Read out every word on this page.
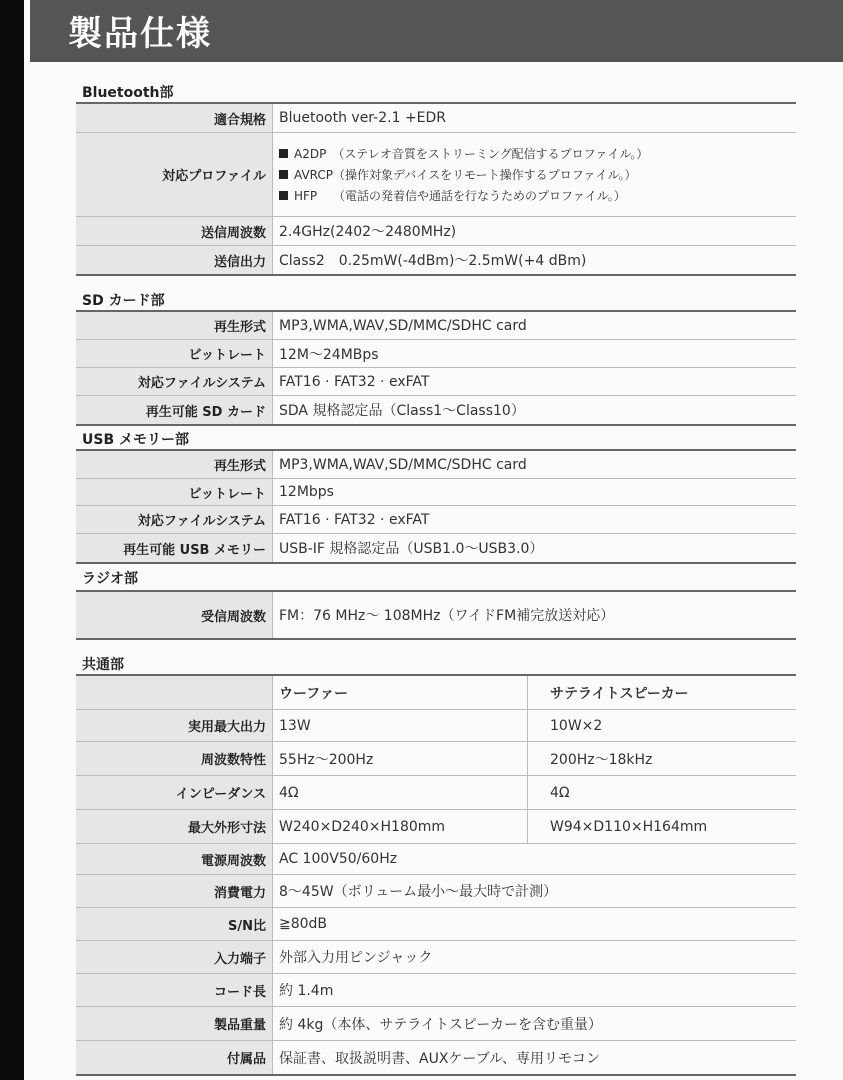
製品仕様
Bluetooth部
適合規格 Bluetooth ver-2.1 +EDR
対応プロファイル
A2DP　（ステレオ音質をストリーミング配信するプロファイル。）
AVRCP（操作対象デバイスをリモート操作するプロファイル。）
HFP　 （電話の発着信や通話を行なうためのプロファイル。）
送信周波数 2.4GHz(2402〜2480MHz)
送信出力 Class2　0.25mW(-4dBm)〜2.5mW(+4 dBm)
SD カード部
再生形式 MP3,WMA,WAV,SD/MMC/SDHC card
ビットレート 12M〜24MBps
対応ファイルシステム FAT16 · FAT32 · exFAT
再生可能 SD カード SDA 規格認定品（Class1〜Class10）
USB メモリー部
再生形式 MP3,WMA,WAV,SD/MMC/SDHC card
ビットレート 12Mbps
対応ファイルシステム FAT16 · FAT32 · exFAT
再生可能 USB メモリー USB-IF 規格認定品（USB1.0〜USB3.0）
ラジオ部
受信周波数 FM：76 MHz〜 108MHz（ワイドFM補完放送対応）
共通部
ウーファー	サテライトスピーカー
実用最大出力 13W	10W×2
周波数特性 55Hz〜200Hz	200Hz〜18kHz
インピーダンス 4Ω	4Ω
最大外形寸法 W240×D240×H180mm	W94×D110×H164mm
電源周波数 AC 100V50/60Hz
消費電力 8〜45W（ボリューム最小〜最大時で計測）
S/N比 ≧80dB
入力端子 外部入力用ピンジャック
コード長 約 1.4m
製品重量 約 4kg（本体、サテライトスピーカーを含む重量）
付属品 保証書、取扱説明書、AUXケーブル、専用リモコン
